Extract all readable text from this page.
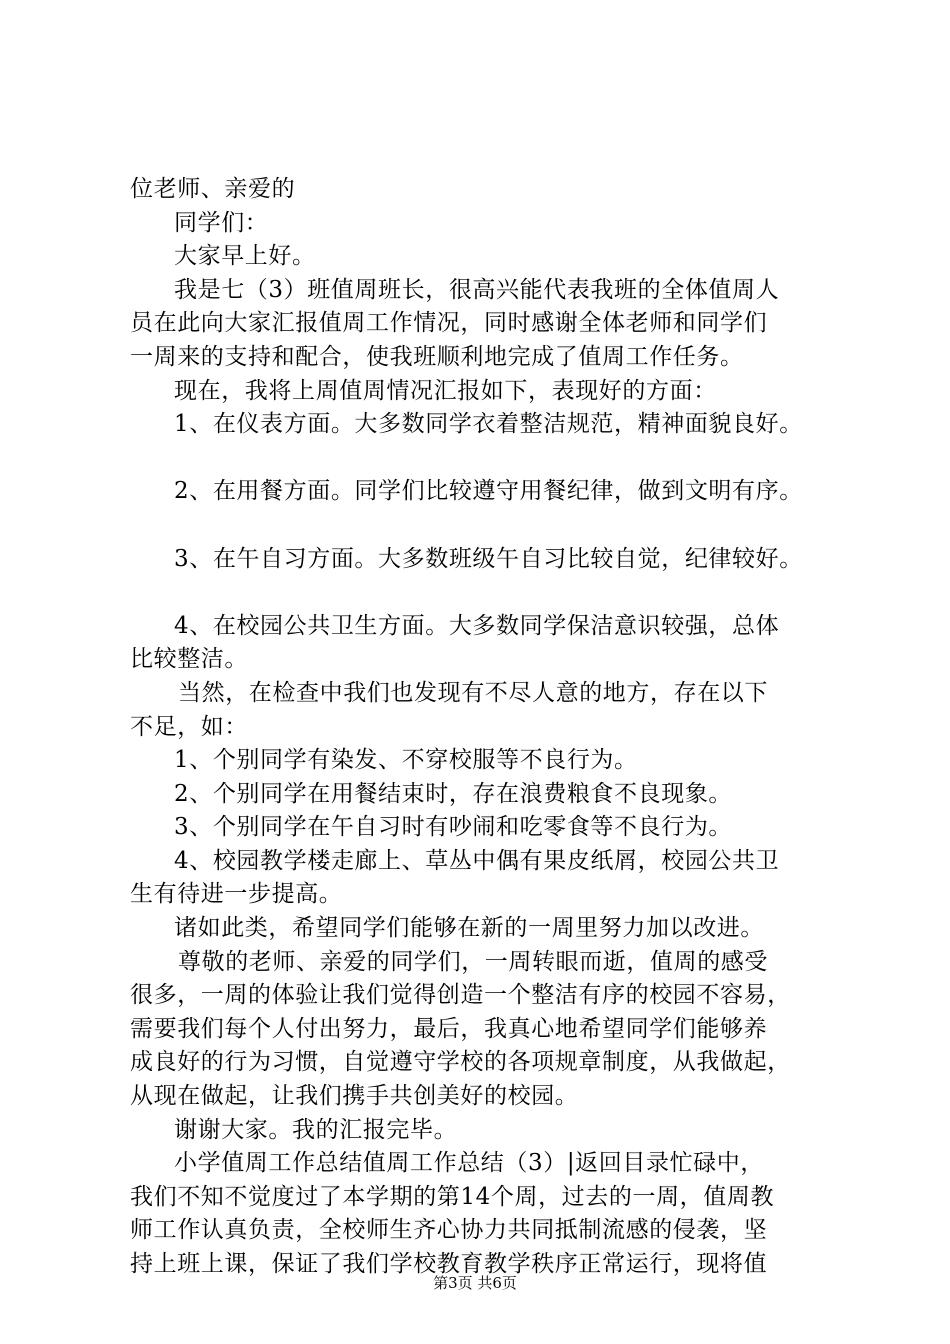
位老师、亲爱的
同学们：
大家早上好。
我是七（3）班值周班长，很高兴能代表我班的全体值周人
员在此向大家汇报值周工作情况，同时感谢全体老师和同学们
一周来的支持和配合，使我班顺利地完成了值周工作任务。
现在，我将上周值周情况汇报如下，表现好的方面：
1、在仪表方面。大多数同学衣着整洁规范，精神面貌良好。
2、在用餐方面。同学们比较遵守用餐纪律，做到文明有序。
3、在午自习方面。大多数班级午自习比较自觉，纪律较好。
4、在校园公共卫生方面。大多数同学保洁意识较强，总体
比较整洁。
当然，在检查中我们也发现有不尽人意的地方，存在以下
不足，如：
1、个别同学有染发、不穿校服等不良行为。
2、个别同学在用餐结束时，存在浪费粮食不良现象。
3、个别同学在午自习时有吵闹和吃零食等不良行为。
4、校园教学楼走廊上、草丛中偶有果皮纸屑，校园公共卫
生有待进一步提高。
诸如此类，希望同学们能够在新的一周里努力加以改进。
尊敬的老师、亲爱的同学们，一周转眼而逝，值周的感受
很多，一周的体验让我们觉得创造一个整洁有序的校园不容易，
需要我们每个人付出努力，最后，我真心地希望同学们能够养
成良好的行为习惯，自觉遵守学校的各项规章制度，从我做起，
从现在做起，让我们携手共创美好的校园。
谢谢大家。我的汇报完毕。
小学值周工作总结值周工作总结（3）|返回目录忙碌中，
我们不知不觉度过了本学期的第14个周，过去的一周，值周教
师工作认真负责，全校师生齐心协力共同抵制流感的侵袭，坚
持上班上课，保证了我们学校教育教学秩序正常运行，现将值
第3页 共6页
